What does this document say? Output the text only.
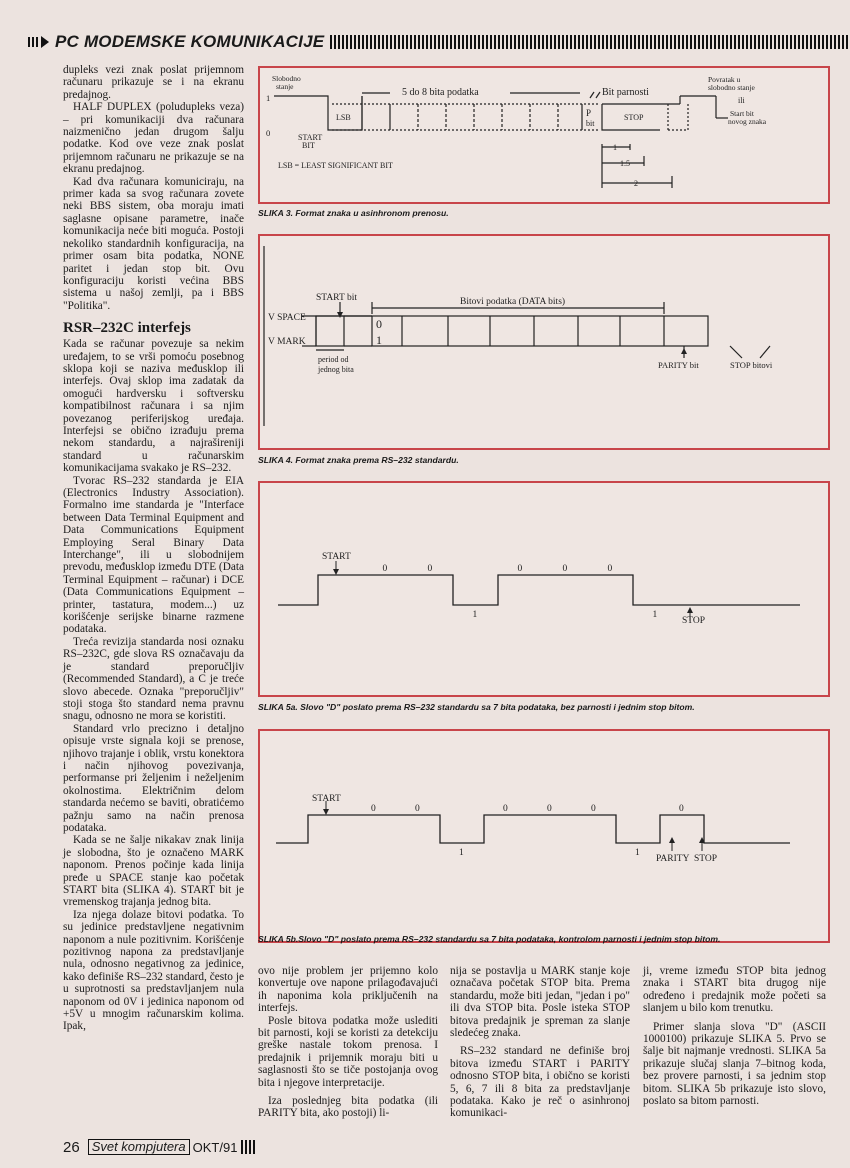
PC MODEMSKE KOMUNIKACIJE

dupleks vezi znak poslat prijemnom računaru prikazuje se i na ekranu predajnog.

HALF DUPLEX (poludupleks veza) – pri komunikaciji dva računara naizmenično jedan drugom šalju podatke. Kod ove veze znak poslat prijemnom računaru ne prikazuje se na ekranu predajnog.

Kad dva računara komuniciraju, na primer kada sa svog računara zovete neki BBS sistem, oba moraju imati saglasne opisane parametre, inače komunikacija neće biti moguća. Postoji nekoliko standardnih konfiguracija, na primer osam bita podatka, NONE paritet i jedan stop bit. Ovu konfiguraciju koristi većina BBS sistema u našoj zemlji, pa i BBS "Politika".

RSR–232C interfejs

Kada se računar povezuje sa nekim uređajem, to se vrši pomoću posebnog sklopa koji se naziva međusklop ili interfejs. Ovaj sklop ima zadatak da omogući hardversku i softversku kompatibilnost računara i sa njim povezanog periferijskog uređaja. Interfejsi se obično izrađuju prema nekom standardu, a najrašireniji standard u računarskim komunikacijama svakako je RS–232.

Tvorac RS–232 standarda je EIA (Electronics Industry Association). Formalno ime standarda je "Interface between Data Terminal Equipment and Data Communications Equipment Employing Seral Binary Data Interchange", ili u slobodnijem prevodu, međusklop između DTE (Data Terminal Equipment – računar) i DCE (Data Communications Equipment – printer, tastatura, modem...) uz korišćenje serijske binarne razmene podataka.

Treća revizija standarda nosi oznaku RS–232C, gde slova RS označavaju da je standard preporučljiv (Recommended Standard), a C je treće slovo abecede. Oznaka "preporučljiv" stoji stoga što standard nema pravnu snagu, odnosno ne mora se koristiti.

Standard vrlo precizno i detaljno opisuje vrste signala koji se prenose, njihovo trajanje i oblik, vrstu konektora i način njihovog povezivanja, performanse pri željenim i neželjenim okolnostima. Električnim delom standarda nećemo se baviti, obratićemo pažnju samo na način prenosa podataka.

Kada se ne šalje nikakav znak linija je slobodna, što je označeno MARK naponom. Prenos počinje kada linija pređe u SPACE stanje kao početak START bita (SLIKA 4). START bit je vremenskog trajanja jednog bita.

Iza njega dolaze bitovi podatka. To su jedinice predstavljene negativnim naponom a nule pozitivnim. Korišćenje pozitivnog napona za predstavljanje nula, odnosno negativnog za jedinice, kako definiše RS–232 standard, često je u suprotnosti sa predstavljanjem nula naponom od 0V i jedinica naponom od +5V u mnogim računarskim kolima. Ipak,

Slobodno
stanje
1
0
5 do 8 bita podatka	Bit parnosti
LSB	P
bit
STOP
START
BIT
LSB = LEAST SIGNIFICANT BIT
Povratak u
slobodno stanje
ili
Start bit
novog znaka
1
1.5
2
SLIKA 3. Format znaka u asinhronom prenosu.
START bit	Bitovi podatka (DATA bits)
V SPACE
V MARK
0
1
period od
jednog bita	PARITY bit	STOP bitovi
SLIKA 4. Format znaka prema RS–232 standardu.
START
STOP
0	0
1
0	0	0
1
SLIKA 5a. Slovo "D" poslato prema RS–232 standardu sa 7 bita podataka, bez parnosti i jednim stop bitom.
START
PARITY STOP
0	0
1
0	0	0
1
0
SLIKA 5b.Slovo "D" poslato prema RS–232 standardu sa 7 bita podataka, kontrolom parnosti i jednim stop bitom.

ovo nije problem jer prijemno kolo konvertuje ove napone prilagođavajući ih naponima kola priključenih na interfejs.

Posle bitova podatka može uslediti bit parnosti, koji se koristi za detekciju greške nastale tokom prenosa. I predajnik i prijemnik moraju biti u saglasnosti što se tiče postojanja ovog bita i njegove interpretacije.

Iza poslednjeg bita podatka (ili PARITY bita, ako postoji) li-

nija se postavlja u MARK stanje koje označava početak STOP bita. Prema standardu, može biti jedan, "jedan i po" ili dva STOP bita. Posle isteka STOP bitova predajnik je spreman za slanje sledećeg znaka.

RS–232 standard ne definiše broj bitova između START i PARITY odnosno STOP bita, i obično se koristi 5, 6, 7 ili 8 bita za predstavljanje podataka. Kako je reč o asinhronoj komunikaci-

ji, vreme između STOP bita jednog znaka i START bita drugog nije određeno i predajnik može početi sa slanjem u bilo kom trenutku.

Primer slanja slova "D" (ASCII 1000100) prikazuje SLIKA 5. Prvo se šalje bit najmanje vrednosti. SLIKA 5a prikazuje slučaj slanja 7–bitnog koda, bez provere parnosti, i sa jednim stop bitom. SLIKA 5b prikazuje isto slovo, poslato sa bitom parnosti.

26 Svet kompjutera OKT/91
